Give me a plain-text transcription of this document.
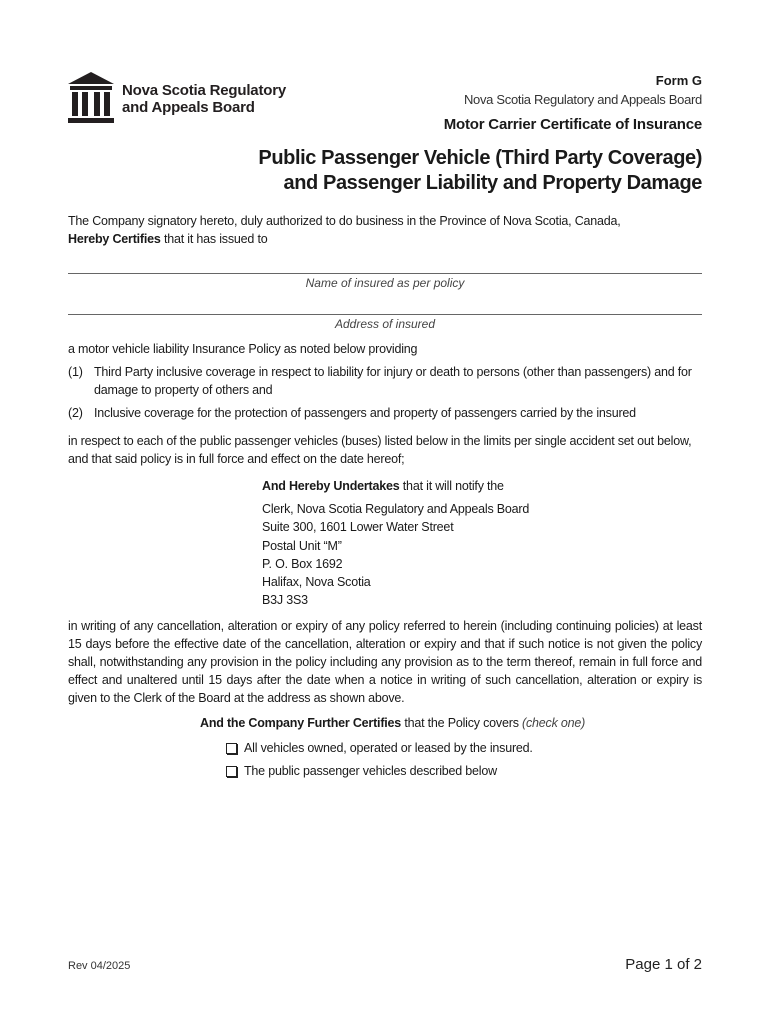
Nova Scotia Regulatory
and Appeals Board
Form G
Nova Scotia Regulatory and Appeals Board
Motor Carrier Certificate of Insurance
Public Passenger Vehicle (Third Party Coverage)
and Passenger Liability and Property Damage
The Company signatory hereto, duly authorized to do business in the Province of Nova Scotia, Canada,
Hereby Certifies that it has issued to
Name of insured as per policy
Address of insured
a motor vehicle liability Insurance Policy as noted below providing
(1) Third Party inclusive coverage in respect to liability for injury or death to persons (other than passengers) and for damage to property of others and
(2) Inclusive coverage for the protection of passengers and property of passengers carried by the insured
in respect to each of the public passenger vehicles (buses) listed below in the limits per single accident set out below, and that said policy is in full force and effect on the date hereof;
And Hereby Undertakes that it will notify the
Clerk, Nova Scotia Regulatory and Appeals Board
Suite 300, 1601 Lower Water Street
Postal Unit “M”
P. O. Box 1692
Halifax, Nova Scotia
B3J 3S3
in writing of any cancellation, alteration or expiry of any policy referred to herein (including continuing policies) at least 15 days before the effective date of the cancellation, alteration or expiry and that if such notice is not given the policy shall, notwithstanding any provision in the policy including any provision as to the term thereof, remain in full force and effect and unaltered until 15 days after the date when a notice in writing of such cancellation, alteration or expiry is given to the Clerk of the Board at the address as shown above.
And the Company Further Certifies that the Policy covers (check one)
All vehicles owned, operated or leased by the insured.
The public passenger vehicles described below
Rev 04/2025	Page 1 of 2
